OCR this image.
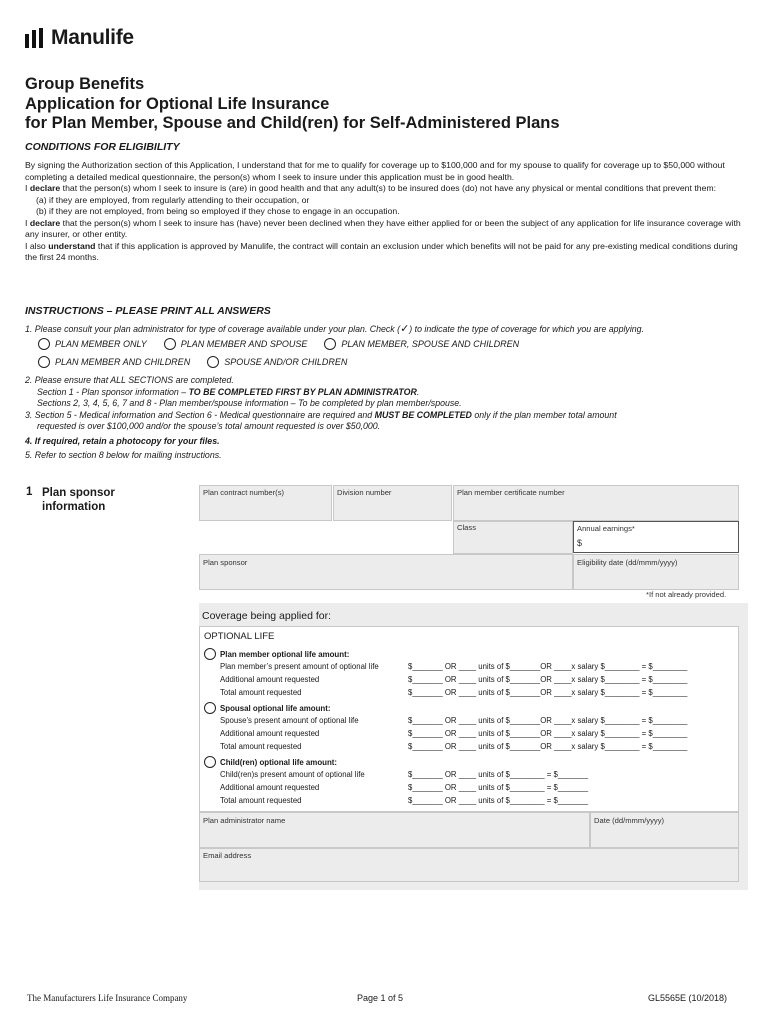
Manulife
Group Benefits
Application for Optional Life Insurance
for Plan Member, Spouse and Child(ren) for Self-Administered Plans
CONDITIONS FOR ELIGIBILITY

By signing the Authorization section of this Application, I understand that for me to qualify for coverage up to $100,000 and for my spouse to qualify for coverage up to $50,000 without completing a detailed medical questionnaire, the person(s) whom I seek to insure under this application must be in good health.

I declare that the person(s) whom I seek to insure is (are) in good health and that any adult(s) to be insured does (do) not have any physical or mental conditions that prevent them:

(a) if they are employed, from regularly attending to their occupation, or

(b) if they are not employed, from being so employed if they chose to engage in an occupation.

I declare that the person(s) whom I seek to insure has (have) never been declined when they have either applied for or been the subject of any application for life insurance coverage with any insurer, or other entity.

I also understand that if this application is approved by Manulife, the contract will contain an exclusion under which benefits will not be paid for any pre-existing medical conditions during the first 24 months.

INSTRUCTIONS – PLEASE PRINT ALL ANSWERS
1. Please consult your plan administrator for type of coverage available under your plan. Check (✓) to indicate the type of coverage for which you are applying.
PLAN MEMBER ONLY	PLAN MEMBER AND SPOUSE	PLAN MEMBER, SPOUSE AND CHILDREN
PLAN MEMBER AND CHILDREN	SPOUSE AND/OR CHILDREN

2. Please ensure that ALL SECTIONS are completed.

Section 1 - Plan sponsor information – TO BE COMPLETED FIRST BY PLAN ADMINISTRATOR.

Sections 2, 3, 4, 5, 6, 7 and 8 - Plan member/spouse information – To be completed by plan member/spouse.

3. Section 5 - Medical information and Section 6 - Medical questionnaire are required and MUST BE COMPLETED only if the plan member total amount

requested is over $100,000 and/or the spouse’s total amount requested is over $50,000.

4. If required, retain a photocopy for your files.

5. Refer to section 8 below for mailing instructions.

1 Plan sponsor
information
Plan contract number(s)	Division number	Plan member certificate number
Class	Annual earnings*
$
Plan sponsor	Eligibility date (dd/mmm/yyyy)
*If not already provided.
Coverage being applied for:
OPTIONAL LIFE
Plan member optional life amount:
Plan member’s present amount of optional life	$_______ OR ____ units of $_______OR ____x salary $________ = $________
Additional amount requested	$_______ OR ____ units of $_______OR ____x salary $________ = $________
Total amount requested	$_______ OR ____ units of $_______OR ____x salary $________ = $________
Spousal optional life amount:
Spouse’s present amount of optional life	$_______ OR ____ units of $_______OR ____x salary $________ = $________
Additional amount requested	$_______ OR ____ units of $_______OR ____x salary $________ = $________
Total amount requested	$_______ OR ____ units of $_______OR ____x salary $________ = $________
Child(ren) optional life amount:
Child(ren)s present amount of optional life	$_______ OR ____ units of $________ = $_______
Additional amount requested	$_______ OR ____ units of $________ = $_______
Total amount requested	$_______ OR ____ units of $________ = $_______
Plan administrator name	Date (dd/mmm/yyyy)
Email address
The Manufacturers Life Insurance Company	Page 1 of 5	GL5565E (10/2018)
